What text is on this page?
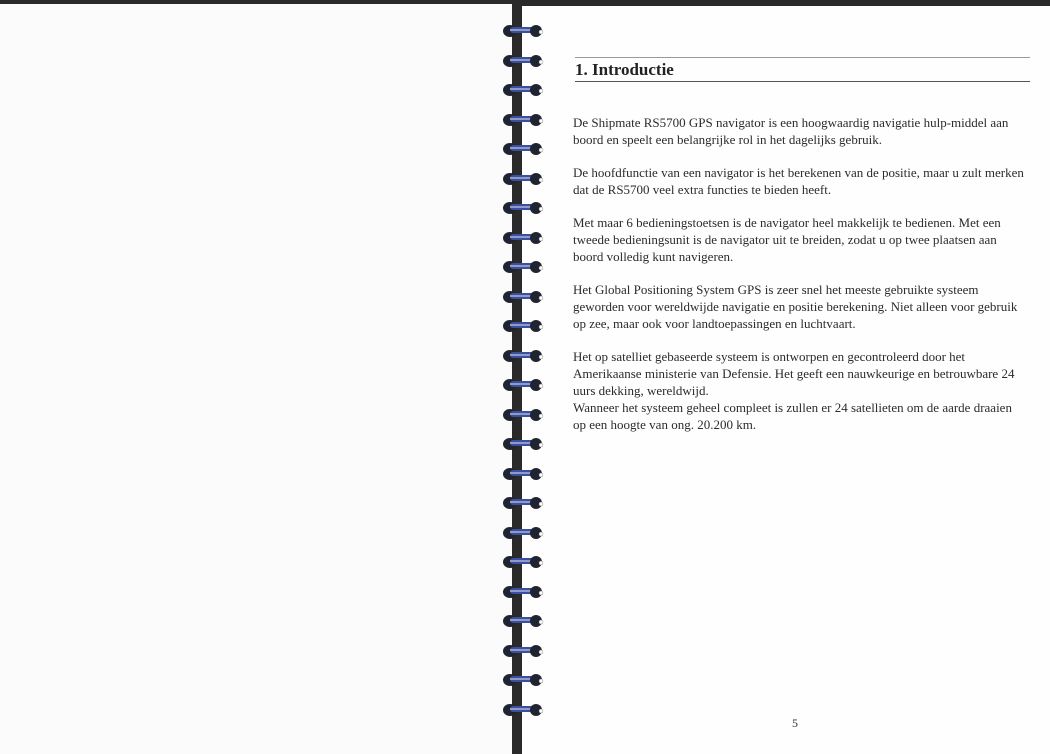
1. Introductie

De Shipmate RS5700 GPS navigator is een hoogwaardig navigatie hulp-middel aan boord en speelt een belangrijke rol in het dagelijks gebruik.

De hoofdfunctie van een navigator is het berekenen van de positie, maar u zult merken dat de RS5700 veel extra functies te bieden heeft.

Met maar 6 bedieningstoetsen is de navigator heel makkelijk te bedienen. Met een tweede bedieningsunit is de navigator uit te breiden, zodat u op twee plaatsen aan boord volledig kunt navigeren.

Het Global Positioning System GPS is zeer snel het meeste gebruikte systeem geworden voor wereldwijde navigatie en positie berekening. Niet alleen voor gebruik op zee, maar ook voor landtoepassingen en luchtvaart.

Het op satelliet gebaseerde systeem is ontworpen en gecontroleerd door het Amerikaanse ministerie van Defensie. Het geeft een nauwkeurige en betrouwbare 24 uurs dekking, wereldwijd.

Wanneer het systeem geheel compleet is zullen er 24 satellieten om de aarde draaien op een hoogte van ong. 20.200 km.

5
